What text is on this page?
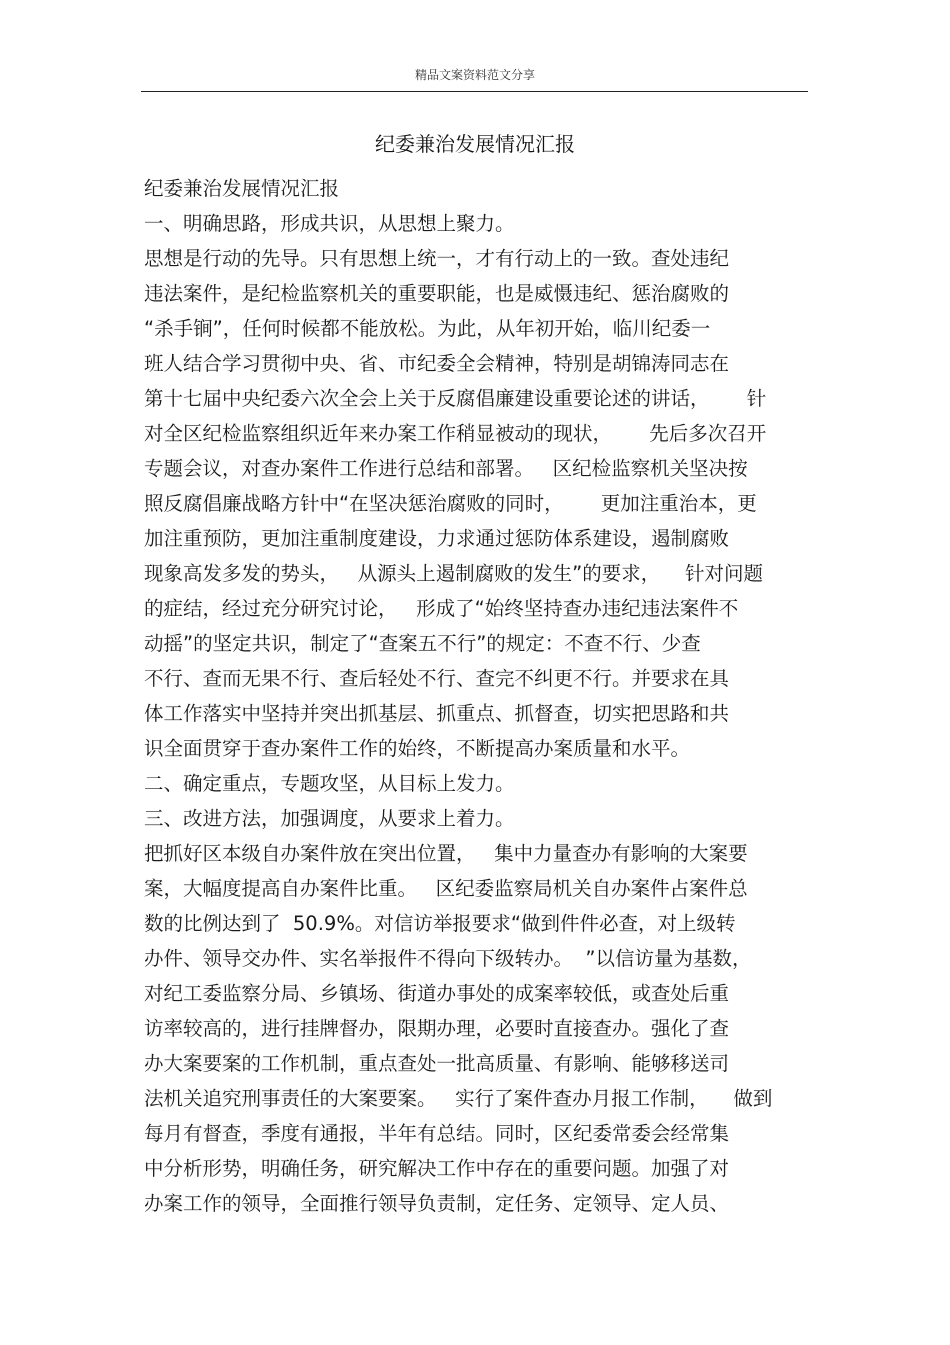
精品文案资料范文分享
纪委兼治发展情况汇报
纪委兼治发展情况汇报
一、明确思路，形成共识，从思想上聚力。
思想是行动的先导。只有思想上统一，才有行动上的一致。查处违纪
违法案件，是纪检监察机关的重要职能，也是威慑违纪、惩治腐败的
“杀手锏”，任何时候都不能放松。为此，从年初开始，临川纪委一
班人结合学习贯彻中央、省、市纪委全会精神，特别是胡锦涛同志在
第十七届中央纪委六次全会上关于反腐倡廉建设重要论述的讲话，      针
对全区纪检监察组织近年来办案工作稍显被动的现状，      先后多次召开
专题会议，对查办案件工作进行总结和部署。   区纪检监察机关坚决按
照反腐倡廉战略方针中“在坚决惩治腐败的同时，      更加注重治本，更
加注重预防，更加注重制度建设，力求通过惩防体系建设，遏制腐败
现象高发多发的势头，   从源头上遏制腐败的发生”的要求，    针对问题
的症结，经过充分研究讨论，   形成了“始终坚持查办违纪违法案件不
动摇”的坚定共识，制定了“查案五不行”的规定：不查不行、少查
不行、查而无果不行、查后轻处不行、查完不纠更不行。并要求在具
体工作落实中坚持并突出抓基层、抓重点、抓督查，切实把思路和共
识全面贯穿于查办案件工作的始终，不断提高办案质量和水平。
二、确定重点，专题攻坚，从目标上发力。
三、改进方法，加强调度，从要求上着力。
把抓好区本级自办案件放在突出位置，   集中力量查办有影响的大案要
案，大幅度提高自办案件比重。   区纪委监察局机关自办案件占案件总
数的比例达到了  50.9%。对信访举报要求“做到件件必查，对上级转
办件、领导交办件、实名举报件不得向下级转办。  ”以信访量为基数，
对纪工委监察分局、乡镇场、街道办事处的成案率较低，或查处后重
访率较高的，进行挂牌督办，限期办理，必要时直接查办。强化了查
办大案要案的工作机制，重点查处一批高质量、有影响、能够移送司
法机关追究刑事责任的大案要案。   实行了案件查办月报工作制，    做到
每月有督查，季度有通报，半年有总结。同时，区纪委常委会经常集
中分析形势，明确任务，研究解决工作中存在的重要问题。加强了对
办案工作的领导，全面推行领导负责制，定任务、定领导、定人员、
